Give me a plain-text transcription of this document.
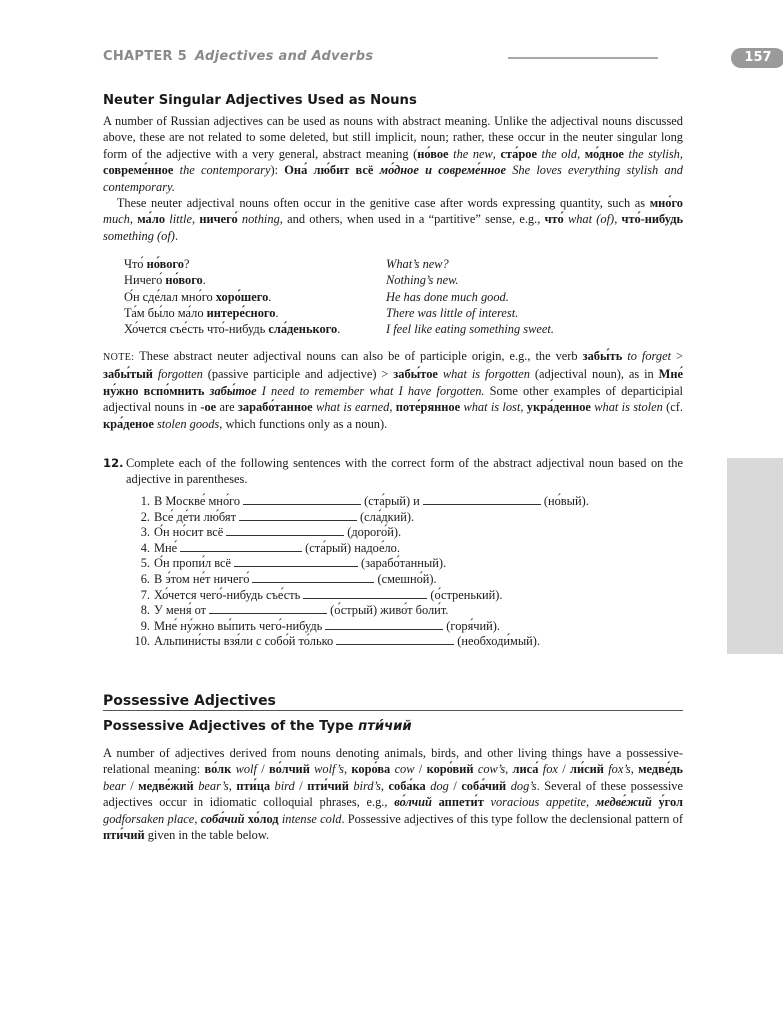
CHAPTER 5 Adjectives and Adverbs	157
Neuter Singular Adjectives Used as Nouns
A number of Russian adjectives can be used as nouns with abstract meaning. Unlike the adjectival nouns discussed above, these are not related to some deleted, but still implicit, noun; rather, these occur in the neuter singular long form of the adjective with a very general, abstract meaning (но́вое the new, ста́рое the old, мо́дное the stylish, совреме́нное the contemporary): Она́ лю́бит всё мо́дное и совреме́нное She loves everything stylish and contemporary.
These neuter adjectival nouns often occur in the genitive case after words expressing quantity, such as мно́го much, ма́ло little, ничего́ nothing, and others, when used in a “partitive” sense, e.g., что́ what (of), что́-нибудь something (of).
Что́ но́вого?	What’s new?
Ничего́ но́вого.	Nothing’s new.
О́н сде́лал мно́го хоро́шего.	He has done much good.
Та́м бы́ло ма́ло интере́сного.	There was little of interest.
Хо́чется съе́сть что́-нибудь сла́денького.	I feel like eating something sweet.
NOTE: These abstract neuter adjectival nouns can also be of participle origin, e.g., the verb забы́ть to forget > забы́тый forgotten (passive participle and adjective) > забы́тое what is forgotten (adjectival noun), as in Мне́ ну́жно вспо́мнить забы́тое I need to remember what I have forgotten. Some other examples of departicipial adjectival nouns in -ое are зарабо́танное what is earned, поте́рянное what is lost, укра́денное what is stolen (cf. кра́деное stolen goods, which functions only as a noun).
12. Complete each of the following sentences with the correct form of the abstract adjectival noun based on the adjective in parentheses.
1. В Москве́ мно́го	(ста́рый) и	(но́вый).
2. Все́ де́ти лю́бят	(сла́дкий).
3. О́н но́сит всё	(дорого́й).
4. Мне́	(ста́рый) надое́ло.
5. О́н пропи́л всё	(зарабо́танный).
6. В э́том не́т ничего́	(смешно́й).
7. Хо́чется чего́-нибудь съе́сть	(о́стренький).
8. У меня́ от	(о́стрый) живо́т боли́т.
9. Мне́ ну́жно вы́пить чего́-нибудь	(горя́чий).
10. Альпини́сты взя́ли с собо́й то́лько	(необходи́мый).
Possessive Adjectives
Possessive Adjectives of the Type пти́чий
A number of adjectives derived from nouns denoting animals, birds, and other living things have a possessive-relational meaning: во́лк wolf / во́лчий wolf’s, коро́ва cow / коро́вий cow’s, лиса́ fox / ли́сий fox’s, медве́дь bear / медве́жий bear’s, пти́ца bird / пти́чий bird’s, соба́ка dog / соба́чий dog’s. Several of these possessive adjectives occur in idiomatic colloquial phrases, e.g., во́лчий аппети́т voracious appetite, медве́жий у́гол godforsaken place, соба́чий хо́лод intense cold. Possessive adjectives of this type follow the declensional pattern of пти́чий given in the table below.
